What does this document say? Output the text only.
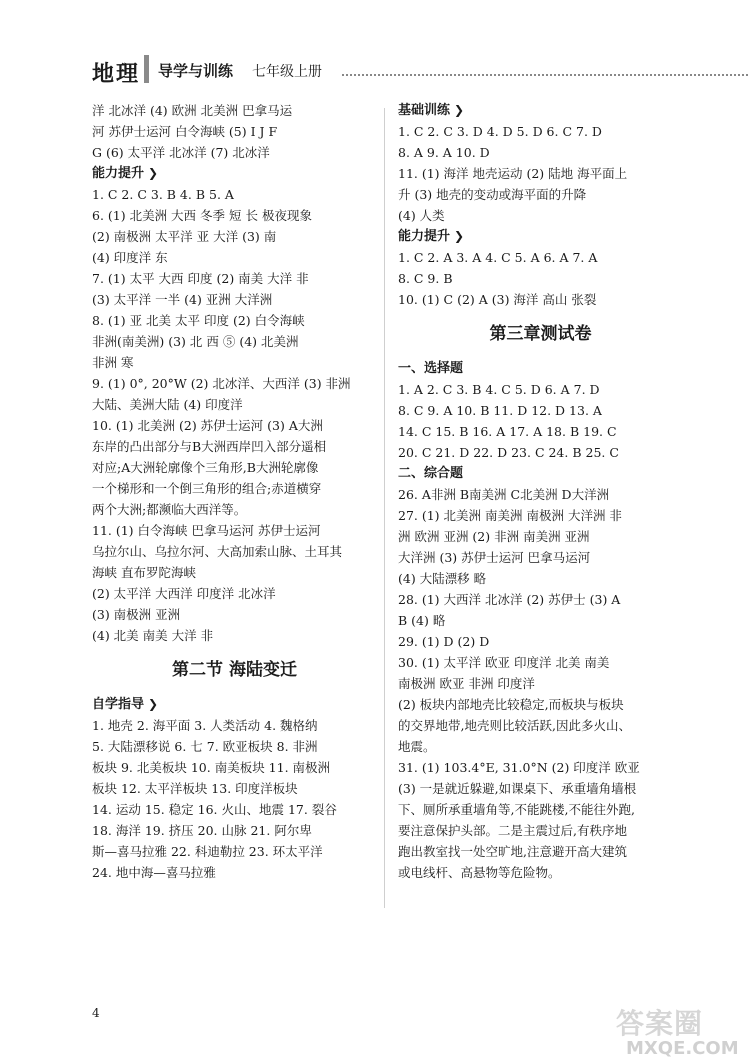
地理 导学与训练 七年级上册
洋 北冰洋 (4) 欧洲 北美洲 巴拿马运
河 苏伊士运河 白令海峡 (5) I J F
G (6) 太平洋 北冰洋 (7) 北冰洋
能力提升 ❯
1. C 2. C 3. B 4. B 5. A
6. (1) 北美洲 大西 冬季 短 长 极夜现象
(2) 南极洲 太平洋 亚 大洋 (3) 南
(4) 印度洋 东
7. (1) 太平 大西 印度 (2) 南美 大洋 非
(3) 太平洋 一半 (4) 亚洲 大洋洲
8. (1) 亚 北美 太平 印度 (2) 白令海峡
非洲(南美洲) (3) 北 西 ⑤ (4) 北美洲
非洲 寒
9. (1) 0°, 20°W (2) 北冰洋、大西洋 (3) 非洲
大陆、美洲大陆 (4) 印度洋
10. (1) 北美洲 (2) 苏伊士运河 (3) A大洲
东岸的凸出部分与B大洲西岸凹入部分遥相
对应;A大洲轮廓像个三角形,B大洲轮廓像
一个梯形和一个倒三角形的组合;赤道横穿
两个大洲;都濒临大西洋等。
11. (1) 白令海峡 巴拿马运河 苏伊士运河
乌拉尔山、乌拉尔河、大高加索山脉、土耳其
海峡 直布罗陀海峡
(2) 太平洋 大西洋 印度洋 北冰洋
(3) 南极洲 亚洲
(4) 北美 南美 大洋 非
第二节 海陆变迁
自学指导 ❯
1. 地壳 2. 海平面 3. 人类活动 4. 魏格纳
5. 大陆漂移说 6. 七 7. 欧亚板块 8. 非洲
板块 9. 北美板块 10. 南美板块 11. 南极洲
板块 12. 太平洋板块 13. 印度洋板块
14. 运动 15. 稳定 16. 火山、地震 17. 裂谷
18. 海洋 19. 挤压 20. 山脉 21. 阿尔卑
斯—喜马拉雅 22. 科迪勒拉 23. 环太平洋
24. 地中海—喜马拉雅
基础训练 ❯
1. C 2. C 3. D 4. D 5. D 6. C 7. D
8. A 9. A 10. D
11. (1) 海洋 地壳运动 (2) 陆地 海平面上
升 (3) 地壳的变动或海平面的升降
(4) 人类
能力提升 ❯
1. C 2. A 3. A 4. C 5. A 6. A 7. A
8. C 9. B
10. (1) C (2) A (3) 海洋 高山 张裂
第三章测试卷
一、选择题
1. A 2. C 3. B 4. C 5. D 6. A 7. D
8. C 9. A 10. B 11. D 12. D 13. A
14. C 15. B 16. A 17. A 18. B 19. C
20. C 21. D 22. D 23. C 24. B 25. C
二、综合题
26. A非洲 B南美洲 C北美洲 D大洋洲
27. (1) 北美洲 南美洲 南极洲 大洋洲 非
洲 欧洲 亚洲 (2) 非洲 南美洲 亚洲
大洋洲 (3) 苏伊士运河 巴拿马运河
(4) 大陆漂移 略
28. (1) 大西洋 北冰洋 (2) 苏伊士 (3) A
B (4) 略
29. (1) D (2) D
30. (1) 太平洋 欧亚 印度洋 北美 南美
南极洲 欧亚 非洲 印度洋
(2) 板块内部地壳比较稳定,而板块与板块
的交界地带,地壳则比较活跃,因此多火山、
地震。
31. (1) 103.4°E, 31.0°N (2) 印度洋 欧亚
(3) 一是就近躲避,如课桌下、承重墙角墙根
下、厕所承重墙角等,不能跳楼,不能往外跑,
要注意保护头部。二是主震过后,有秩序地
跑出教室找一处空旷地,注意避开高大建筑
或电线杆、高悬物等危险物。
4	答案圈
MXQE.COM
